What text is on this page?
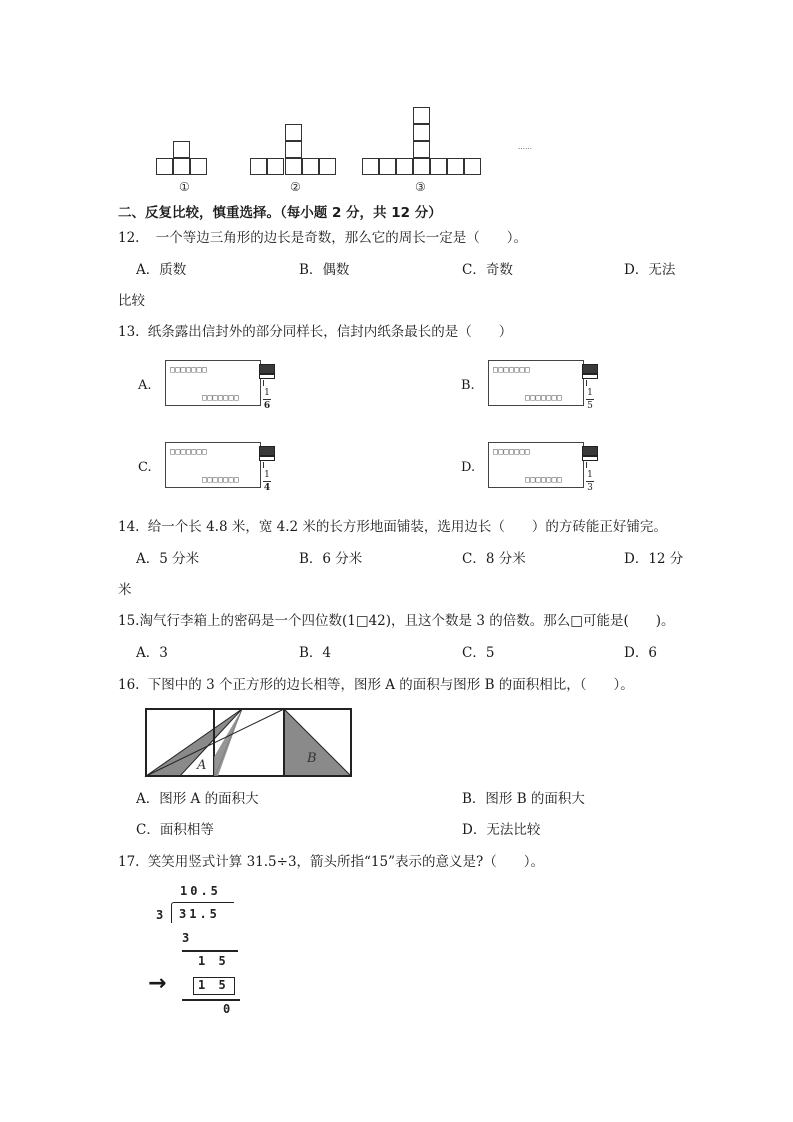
①	②	③
……
二、反复比较，慎重选择。（每小题 2 分，共 12 分）
12. 一个等边三角形的边长是奇数，那么它的周长一定是（　　）。
A．质数	B．偶数	C．奇数	D．无法
比较
13. 纸条露出信封外的部分同样长，信封内纸条最长的是（　　）
A.
□□□□□□□
□□□□□□□	1
6
B.
□□□□□□□
□□□□□□□	1
5
C.
□□□□□□□
□□□□□□□	1
4
D.
□□□□□□□
□□□□□□□	1
3
14. 给一个长 4.8 米，宽 4.2 米的长方形地面铺装，选用边长（　　）的方砖能正好铺完。
A．5 分米	B．6 分米	C．8 分米	D．12 分
米
15.淘气行李箱上的密码是一个四位数(1□42)，且这个数是 3 的倍数。那么□可能是(　　)。
A．3	B．4	C．5	D．6
16. 下图中的 3 个正方形的边长相等，图形 A 的面积与图形 B 的面积相比，（　　）。
A	B
A．图形 A 的面积大	B．图形 B 的面积大
C．面积相等	D．无法比较
17. 笑笑用竖式计算 31.5÷3，箭头所指“15”表示的意义是?（　　）。
10.5
3 31.5
3
1 5
→	1 5
0
